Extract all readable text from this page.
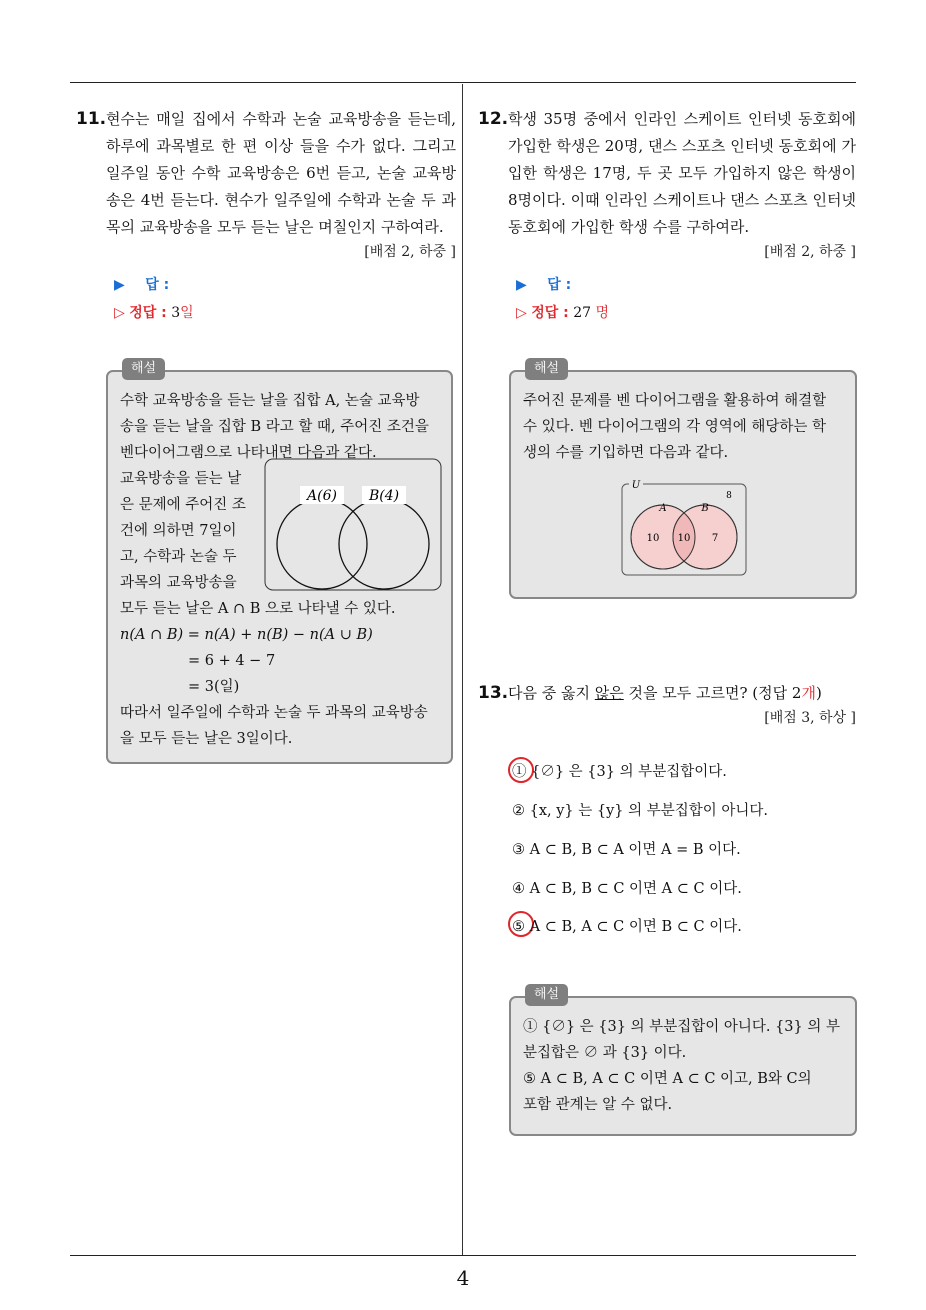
4
11. 현수는 매일 집에서 수학과 논술 교육방송을 듣는데, 하루에 과목별로 한 편 이상 들을 수가 없다. 그리고 일주일 동안 수학 교육방송은 6번 듣고, 논술 교육방송은 4번 듣는다. 현수가 일주일에 수학과 논술 두 과목의 교육방송을 모두 듣는 날은 며칠인지 구하여라.
[배점 2, 하중 ]
▶ 답 :
▷ 정답 : 3일
해설
수학 교육방송을 듣는 날을 집합 A, 논술 교육방
송을 듣는 날을 집합 B 라고 할 때, 주어진 조건을
벤다이어그램으로 나타내면 다음과 같다.
교육방송을 듣는 날
은 문제에 주어진 조
건에 의하면 7일이
고, 수학과 논술 두
과목의 교육방송을
모두 듣는 날은 A ∩ B 으로 나타낼 수 있다.
n(A ∩ B) = n(A) + n(B) − n(A ∪ B)
= 6 + 4 − 7
= 3(일)
따라서 일주일에 수학과 논술 두 과목의 교육방송
을 모두 듣는 날은 3일이다.
A(6) B(4)
12. 학생 35명 중에서 인라인 스케이트 인터넷 동호회에 가입한 학생은 20명, 댄스 스포츠 인터넷 동호회에 가입한 학생은 17명, 두 곳 모두 가입하지 않은 학생이 8명이다. 이때 인라인 스케이트나 댄스 스포츠 인터넷 동호회에 가입한 학생 수를 구하여라.
[배점 2, 하중 ]
▶ 답 :
▷ 정답 : 27 명
해설
주어진 문제를 벤 다이어그램을 활용하여 해결할
수 있다. 벤 다이어그램의 각 영역에 해당하는 학
생의 수를 기입하면 다음과 같다.
U
8
A	B
10 10 7
13. 다음 중 옳지 않은 것을 모두 고르면? (정답 2개)
[배점 3, 하상 ]
① {∅} 은 {3} 의 부분집합이다.
② {x, y} 는 {y} 의 부분집합이 아니다.
③ A ⊂ B, B ⊂ A 이면 A = B 이다.
④ A ⊂ B, B ⊂ C 이면 A ⊂ C 이다.
⑤ A ⊂ B, A ⊂ C 이면 B ⊂ C 이다.
해설
① {∅} 은 {3} 의 부분집합이 아니다. {3} 의 부
분집합은 ∅ 과 {3} 이다.
⑤ A ⊂ B, A ⊂ C 이면 A ⊂ C 이고, B와 C의
포함 관계는 알 수 없다.
